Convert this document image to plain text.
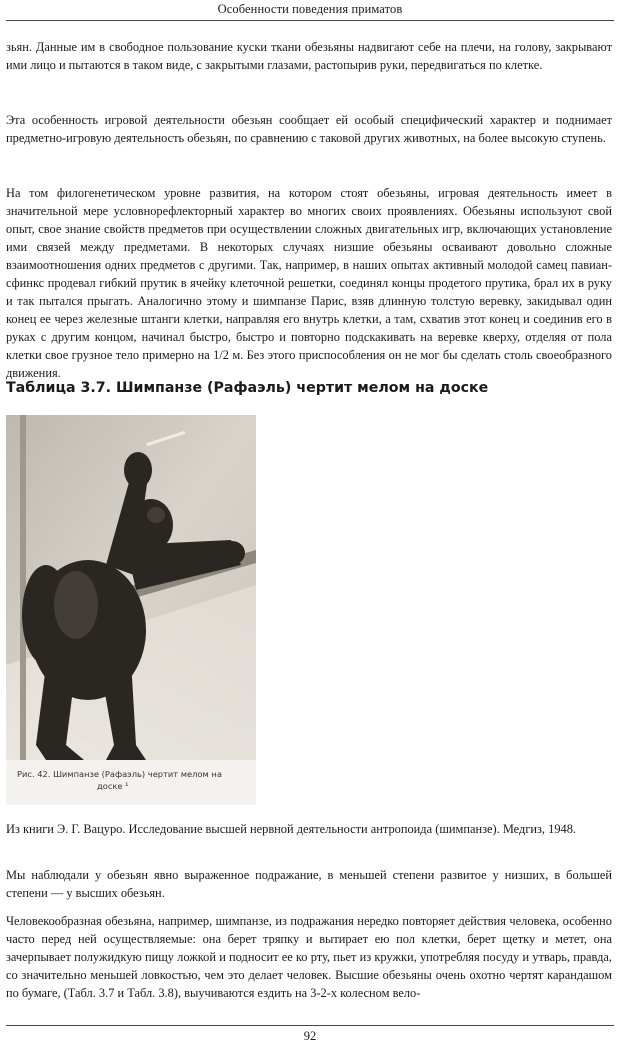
Особенности поведения приматов

зьян. Данные им в свободное пользование куски ткани обезьяны надвигают себе на плечи, на голову, закрывают ими лицо и пытаются в таком виде, с закрытыми глазами, растопырив руки, передвигаться по клетке.

Эта особенность игровой деятельности обезьян сообщает ей особый специфический характер и поднимает предметно-игровую деятельность обезьян, по сравнению с таковой других животных, на более высокую ступень.

На том филогенетическом уровне развития, на котором стоят обезьяны, игровая деятельность имеет в значительной мере условнорефлекторный характер во многих своих проявлениях. Обезьяны используют свой опыт, свое знание свойств предметов при осуществлении сложных двигательных игр, включающих установление ими связей между предметами. В некоторых случаях низшие обезьяны осваивают довольно сложные взаимоотношения одних предметов с другими. Так, например, в наших опытах активный молодой самец павиан-сфинкс продевал гибкий прутик в ячейку клеточной решетки, соединял концы продетого прутика, брал их в руку и так пытался прыгать. Аналогично этому и шимпанзе Парис, взяв длинную толстую веревку, закидывал один конец ее через железные штанги клетки, направляя его внутрь клетки, а там, схватив этот конец и соединив его в руках с другим концом, начинал быстро, быстро и повторно подскакивать на веревке кверху, отделяя от пола клетки свое грузное тело примерно на 1/2 м. Без этого приспособления он не мог бы сделать столь своеобразного движения.

Таблица 3.7. Шимпанзе (Рафаэль) чертит мелом на доске

Рис. 42. Шимпанзе (Рафаэль) чертит мелом на
доске ¹

Из книги Э. Г. Вацуро. Исследование высшей нервной деятельности антропоида (шимпанзе). Медгиз, 1948.

Мы наблюдали у обезьян явно выраженное подражание, в меньшей степени развитое у низших, в большей степени — у высших обезьян.

Человекообразная обезьяна, например, шимпанзе, из подражания нередко повторяет действия человека, особенно часто перед ней осуществляемые: она берет тряпку и вытирает ею пол клетки, берет щетку и метет, она зачерпывает полужидкую пищу ложкой и подносит ее ко рту, пьет из кружки, употребляя посуду и утварь, правда, со значительно меньшей ловкостью, чем это делает человек. Высшие обезьяны очень охотно чертят карандашом по бумаге, (Табл. 3.7 и Табл. 3.8), выучиваются ездить на 3-2-х колесном вело-

92
